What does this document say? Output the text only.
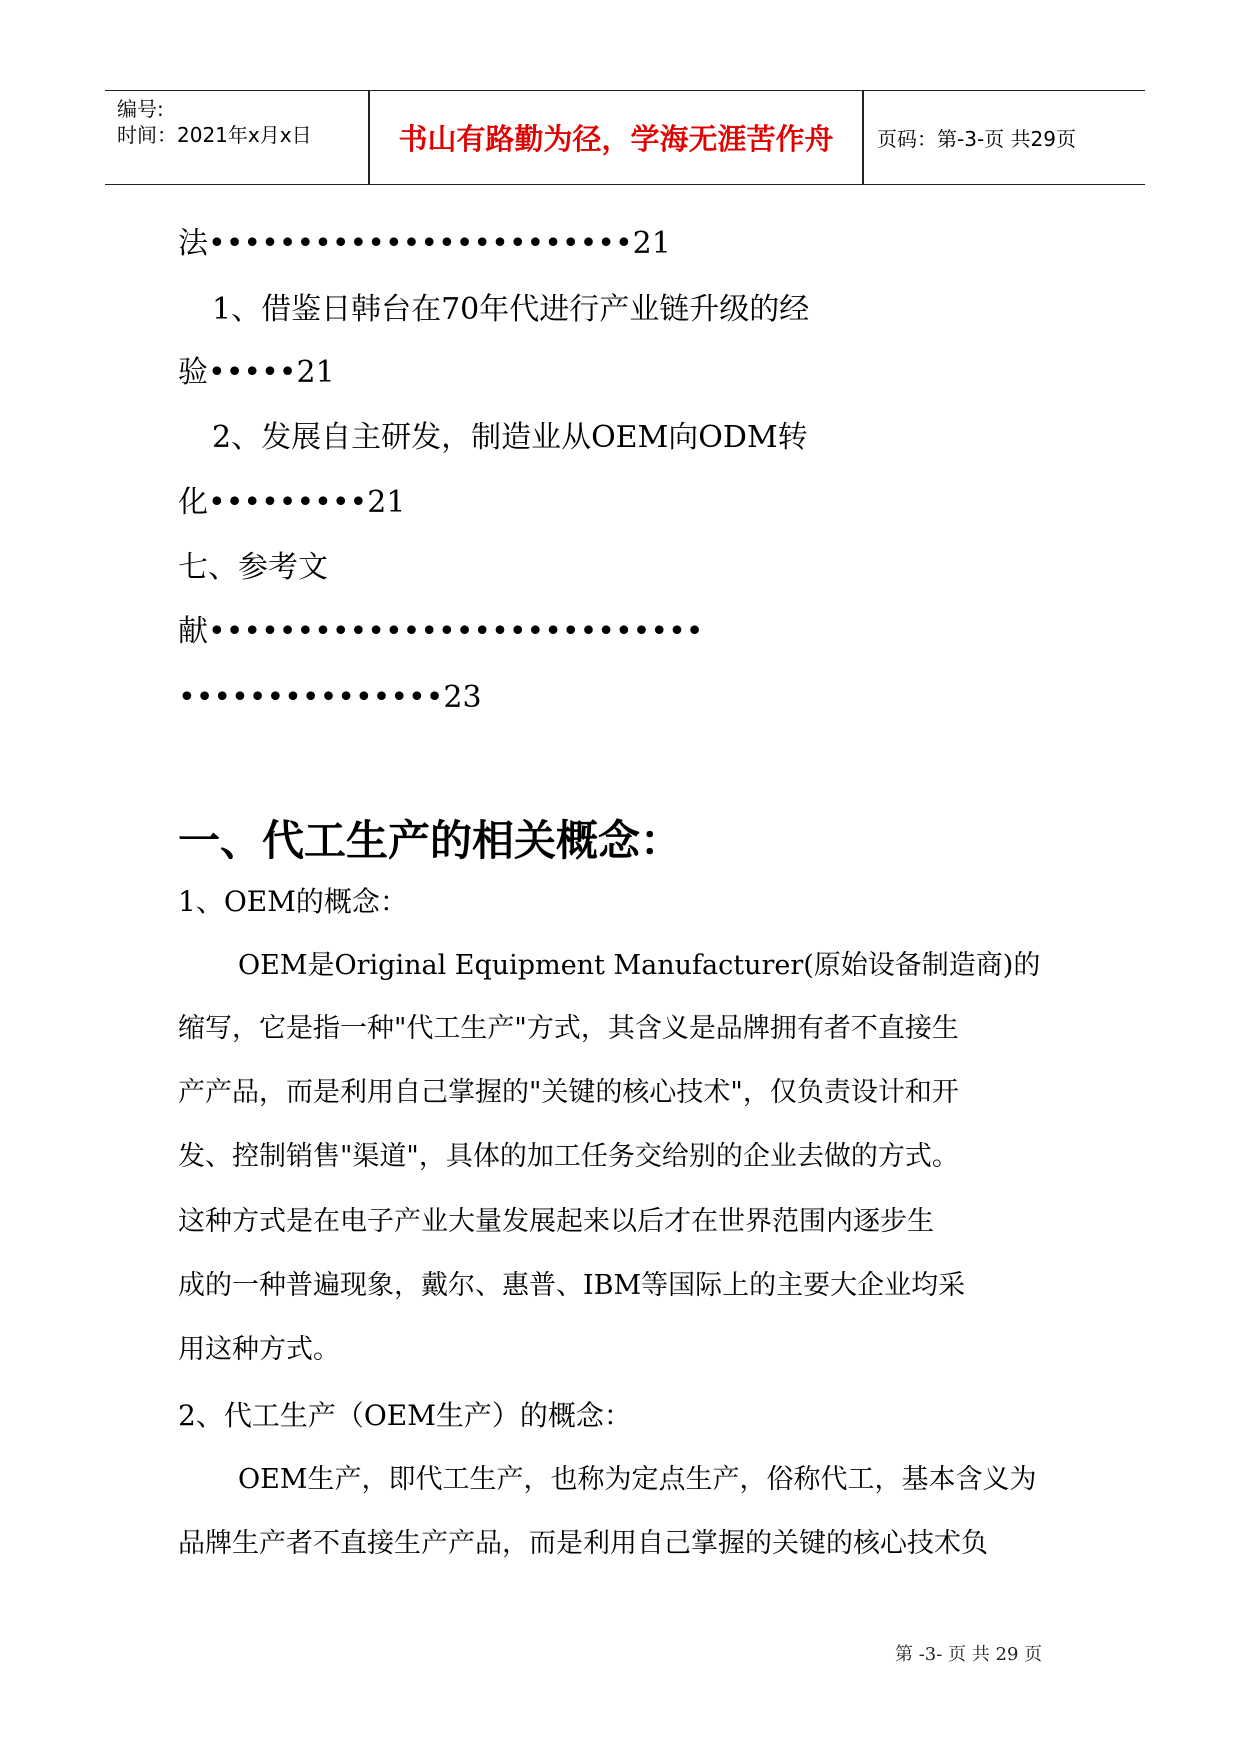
编号:
时间：2021年x月x日	书山有路勤为径，学海无涯苦作舟	页码：第-3-页 共29页
法••••••••••••••••••••••••21
1、借鉴日韩台在70年代进行产业链升级的经
验•••••21
2、发展自主研发，制造业从OEM向ODM转
化•••••••••21
七、参考文
献••••••••••••••••••••••••••••
•••••••••••••••23
一、代工生产的相关概念：
1、OEM的概念：
OEM是Original Equipment Manufacturer(原始设备制造商)的
缩写，它是指一种"代工生产"方式，其含义是品牌拥有者不直接生
产产品，而是利用自己掌握的"关键的核心技术"，仅负责设计和开
发、控制销售"渠道"，具体的加工任务交给别的企业去做的方式。
这种方式是在电子产业大量发展起来以后才在世界范围内逐步生
成的一种普遍现象，戴尔、惠普、IBM等国际上的主要大企业均采
用这种方式。
2、代工生产（OEM生产）的概念：
OEM生产，即代工生产，也称为定点生产，俗称代工，基本含义为
品牌生产者不直接生产产品，而是利用自己掌握的关键的核心技术负
第 -3- 页 共 29 页
